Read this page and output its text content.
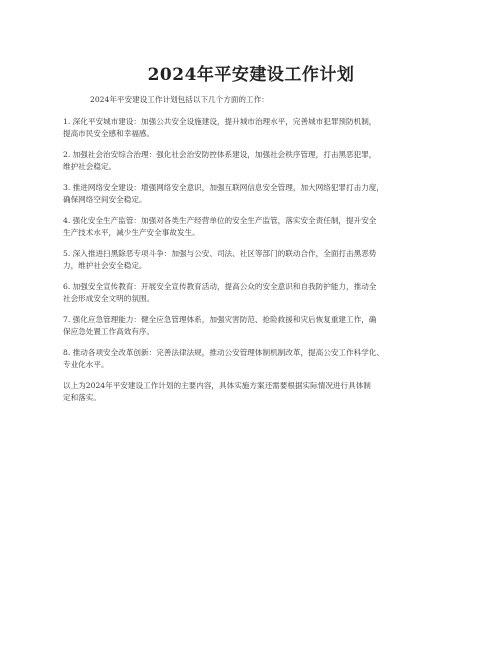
2024年平安建设工作计划

2024年平安建设工作计划包括以下几个方面的工作：

1. 深化平安城市建设：加强公共安全设施建设，提升城市治理水平，完善城市犯罪预防机制，
提高市民安全感和幸福感。
2. 加强社会治安综合治理：强化社会治安防控体系建设，加强社会秩序管理，打击黑恶犯罪，
维护社会稳定。
3. 推进网络安全建设：增强网络安全意识，加强互联网信息安全管理，加大网络犯罪打击力度，
确保网络空间安全稳定。
4. 强化安全生产监管：加强对各类生产经营单位的安全生产监管，落实安全责任制，提升安全
生产技术水平，减少生产安全事故发生。
5. 深入推进扫黑除恶专项斗争：加强与公安、司法、社区等部门的联动合作，全面打击黑恶势
力，维护社会安全稳定。
6. 加强安全宣传教育：开展安全宣传教育活动，提高公众的安全意识和自我防护能力，推动全
社会形成安全文明的氛围。
7. 强化应急管理能力：健全应急管理体系，加强灾害防范、抢险救援和灾后恢复重建工作，确
保应急处置工作高效有序。
8. 推动各项安全改革创新：完善法律法规，推动公安管理体制机制改革，提高公安工作科学化、
专业化水平。
以上为2024年平安建设工作计划的主要内容，具体实施方案还需要根据实际情况进行具体制
定和落实。
